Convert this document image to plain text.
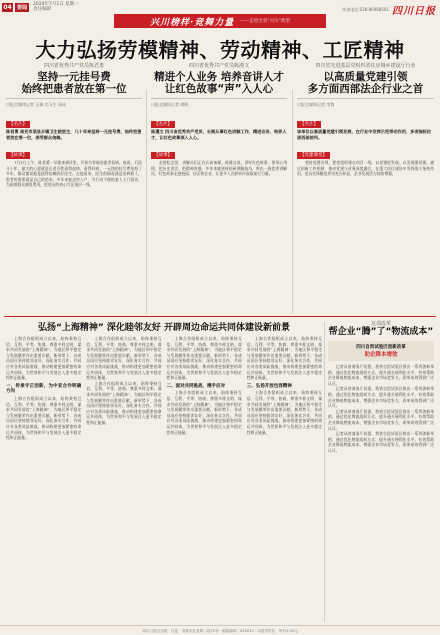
04	要闻	2024年7月1日 星期一
责任编辑	传真电话 028-86968501 四川日报
兴川榜样·竞舞力量 ——走进全省“兴川”典型
大力弘扬劳模精神、劳动精神、工匠精神
四川省优秀共产党员陈君勇
坚持一元挂号费
始终把患者放在第一位
川报全媒体记者 王瑞 实习生 周冰
【名片】
陈君勇 南充市某县乡镇卫生院医生，几十年来坚持一元挂号费，始终把患者放在第一位，深受群众信赖。
【故事】

7月1日上午，陈君勇一早就来到诊室，开始为等候的患者看病。他说，行医几十年，最大的心愿就是让老百姓看得起病、看得好病。一元钱的挂号费坚持了多年，群众都说他是值得信赖的好医生。在他看来，医生的职责就是治病救人，患者的需要就是自己的追求。多年来他走村入户，为行动不便的老人上门看诊，为困难群众减免费用，把党员的初心写在基层一线。

四川省优秀共产党员陈漫文
精进个人业务 培养音讲人才
让红色故事“声”入人心
川报全媒体记者 胡敏
【名片】
陈漫文 四川省优秀共产党员，长期从事红色讲解工作，精进业务、培养人才，让红色故事深入人心。
【故事】

走进纪念馆，讲解员们正在认真备课。陈漫文说，讲好红色故事，要用心用情，把历史讲活、把精神讲透。多年来她坚持钻研讲解技巧，带出一批优秀讲解员，红色故事走进校园、社区和企业，让更多人在聆听中汲取前行力量。

四川省先进基层党组织省住房城乡建设厅行业
以高质量党建引领
多方面西部法企行业之首
川报全媒体记者 李寰
【名片】
该单位以高质量党建引领发展，在行业中发挥示范带动作用，多项指标位居西部前列。
【党建课堂】

坚持党建引领，把党组织建在项目一线，以党建促发展、以发展强党建。通过创新工作机制，推动党建与业务深度融合，在重大项目建设中发挥战斗堡垒作用，党员先锋模范作用充分彰显，企业发展活力持续增强。

弘扬“上海精神” 深化睦邻友好 开辟周边命运共同体建设新前景

上海合作组织成立以来，始终秉持互信、互利、平等、协商、尊重多样文明、谋求共同发展的“上海精神”，为地区和平稳定与发展繁荣作出重要贡献。新形势下，各成员国应坚持睦邻友好，深化务实合作，共同应对各类风险挑战，推动构建更加紧密的命运共同体，为世界和平与发展注入更多稳定性和正能量。

一、传承守正创新，为中亚合作明确方向

上海合作组织成立以来，始终秉持互信、互利、平等、协商、尊重多样文明、谋求共同发展的“上海精神”，为地区和平稳定与发展繁荣作出重要贡献。新形势下，各成员国应坚持睦邻友好，深化务实合作，共同应对各类风险挑战，推动构建更加紧密的命运共同体，为世界和平与发展注入更多稳定性和正能量。

上海合作组织成立以来，始终秉持互信、互利、平等、协商、尊重多样文明、谋求共同发展的“上海精神”，为地区和平稳定与发展繁荣作出重要贡献。新形势下，各成员国应坚持睦邻友好，深化务实合作，共同应对各类风险挑战，推动构建更加紧密的命运共同体，为世界和平与发展注入更多稳定性和正能量。

上海合作组织成立以来，始终秉持互信、互利、平等、协商、尊重多样文明、谋求共同发展的“上海精神”，为地区和平稳定与发展繁荣作出重要贡献。新形势下，各成员国应坚持睦邻友好，深化务实合作，共同应对各类风险挑战，推动构建更加紧密的命运共同体，为世界和平与发展注入更多稳定性和正能量。

上海合作组织成立以来，始终秉持互信、互利、平等、协商、尊重多样文明、谋求共同发展的“上海精神”，为地区和平稳定与发展繁荣作出重要贡献。新形势下，各成员国应坚持睦邻友好，深化务实合作，共同应对各类风险挑战，推动构建更加紧密的命运共同体，为世界和平与发展注入更多稳定性和正能量。

二、面对共同挑战，携手应对

上海合作组织成立以来，始终秉持互信、互利、平等、协商、尊重多样文明、谋求共同发展的“上海精神”，为地区和平稳定与发展繁荣作出重要贡献。新形势下，各成员国应坚持睦邻友好，深化务实合作，共同应对各类风险挑战，推动构建更加紧密的命运共同体，为世界和平与发展注入更多稳定性和正能量。

上海合作组织成立以来，始终秉持互信、互利、平等、协商、尊重多样文明、谋求共同发展的“上海精神”，为地区和平稳定与发展繁荣作出重要贡献。新形势下，各成员国应坚持睦邻友好，深化务实合作，共同应对各类风险挑战，推动构建更加紧密的命运共同体，为世界和平与发展注入更多稳定性和正能量。

三、弘扬开放包容精神

上海合作组织成立以来，始终秉持互信、互利、平等、协商、尊重多样文明、谋求共同发展的“上海精神”，为地区和平稳定与发展繁荣作出重要贡献。新形势下，各成员国应坚持睦邻友好，深化务实合作，共同应对各类风险挑战，推动构建更加紧密的命运共同体，为世界和平与发展注入更多稳定性和正能量。

这项改革
帮企业“腾”了“物流成本”
四川自贸试验区创新改革
助企降本增效

记者从省商务厅获悉，我省自贸试验区推出一系列创新举措，通过优化物流组织方式、提升通关便利化水平，有效帮助企业降低物流成本，增强企业市场竞争力，改革成效得到广泛认可。

记者从省商务厅获悉，我省自贸试验区推出一系列创新举措，通过优化物流组织方式、提升通关便利化水平，有效帮助企业降低物流成本，增强企业市场竞争力，改革成效得到广泛认可。

记者从省商务厅获悉，我省自贸试验区推出一系列创新举措，通过优化物流组织方式、提升通关便利化水平，有效帮助企业降低物流成本，增强企业市场竞争力，改革成效得到广泛认可。

记者从省商务厅获悉，我省自贸试验区推出一系列创新举措，通过优化物流组织方式、提升通关便利化水平，有效帮助企业降低物流成本，增强企业市场竞争力，改革成效得到广泛认可。

四川日报社出版 · 社址：成都市红星路二段70号 · 邮政编码：610012 · 本报零售价：每份1.50元
